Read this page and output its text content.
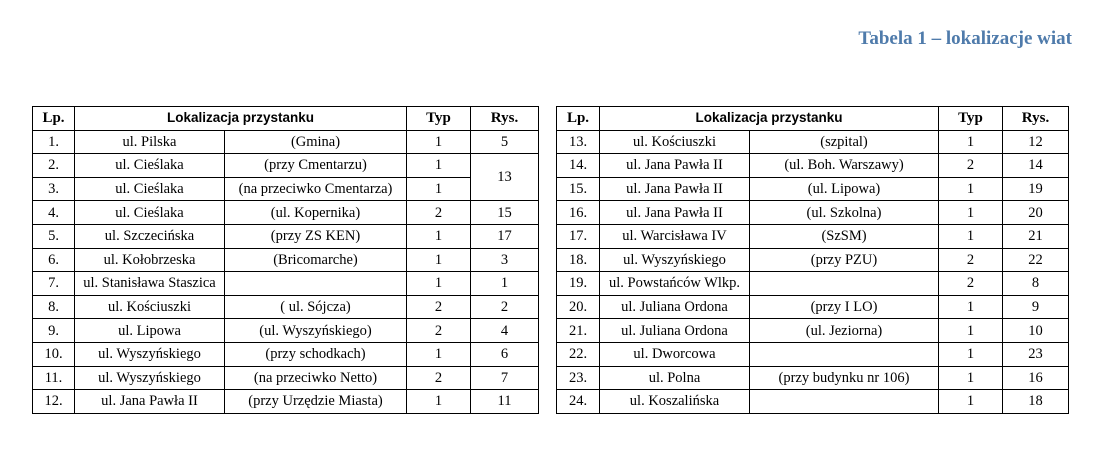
Tabela 1 – lokalizacje wiat
Lp.	Lokalizacja przystanku		Typ	Rys.
1.	ul. Pilska	(Gmina)	1	5
2.	ul. Cieślaka	(przy Cmentarzu)	1	13
3.	ul. Cieślaka	(na przeciwko Cmentarza)	1	
4.	ul. Cieślaka	(ul. Kopernika)	2	15
5.	ul. Szczecińska	(przy ZS KEN)	1	17
6.	ul. Kołobrzeska	(Bricomarche)	1	3
7.	ul. Stanisława Staszica		1	1
8.	ul. Kościuszki	( ul. Sójcza)	2	2
9.	ul. Lipowa	(ul. Wyszyńskiego)	2	4
10.	ul. Wyszyńskiego	(przy schodkach)	1	6
11.	ul. Wyszyńskiego	(na przeciwko Netto)	2	7
12.	ul. Jana Pawła II	(przy Urzędzie Miasta)	1	11
Lp.	Lokalizacja przystanku		Typ	Rys.
13.	ul. Kościuszki	(szpital)	1	12
14.	ul. Jana Pawła II	(ul. Boh. Warszawy)	2	14
15.	ul. Jana Pawła II	(ul. Lipowa)	1	19
16.	ul. Jana Pawła II	(ul. Szkolna)	1	20
17.	ul. Warcisława IV	(SzSM)	1	21
18.	ul. Wyszyńskiego	(przy PZU)	2	22
19.	ul. Powstańców Wlkp.		2	8
20.	ul. Juliana Ordona	(przy I LO)	1	9
21.	ul. Juliana Ordona	(ul. Jeziorna)	1	10
22.	ul. Dworcowa		1	23
23.	ul. Polna	(przy budynku nr 106)	1	16
24.	ul. Koszalińska		1	18
